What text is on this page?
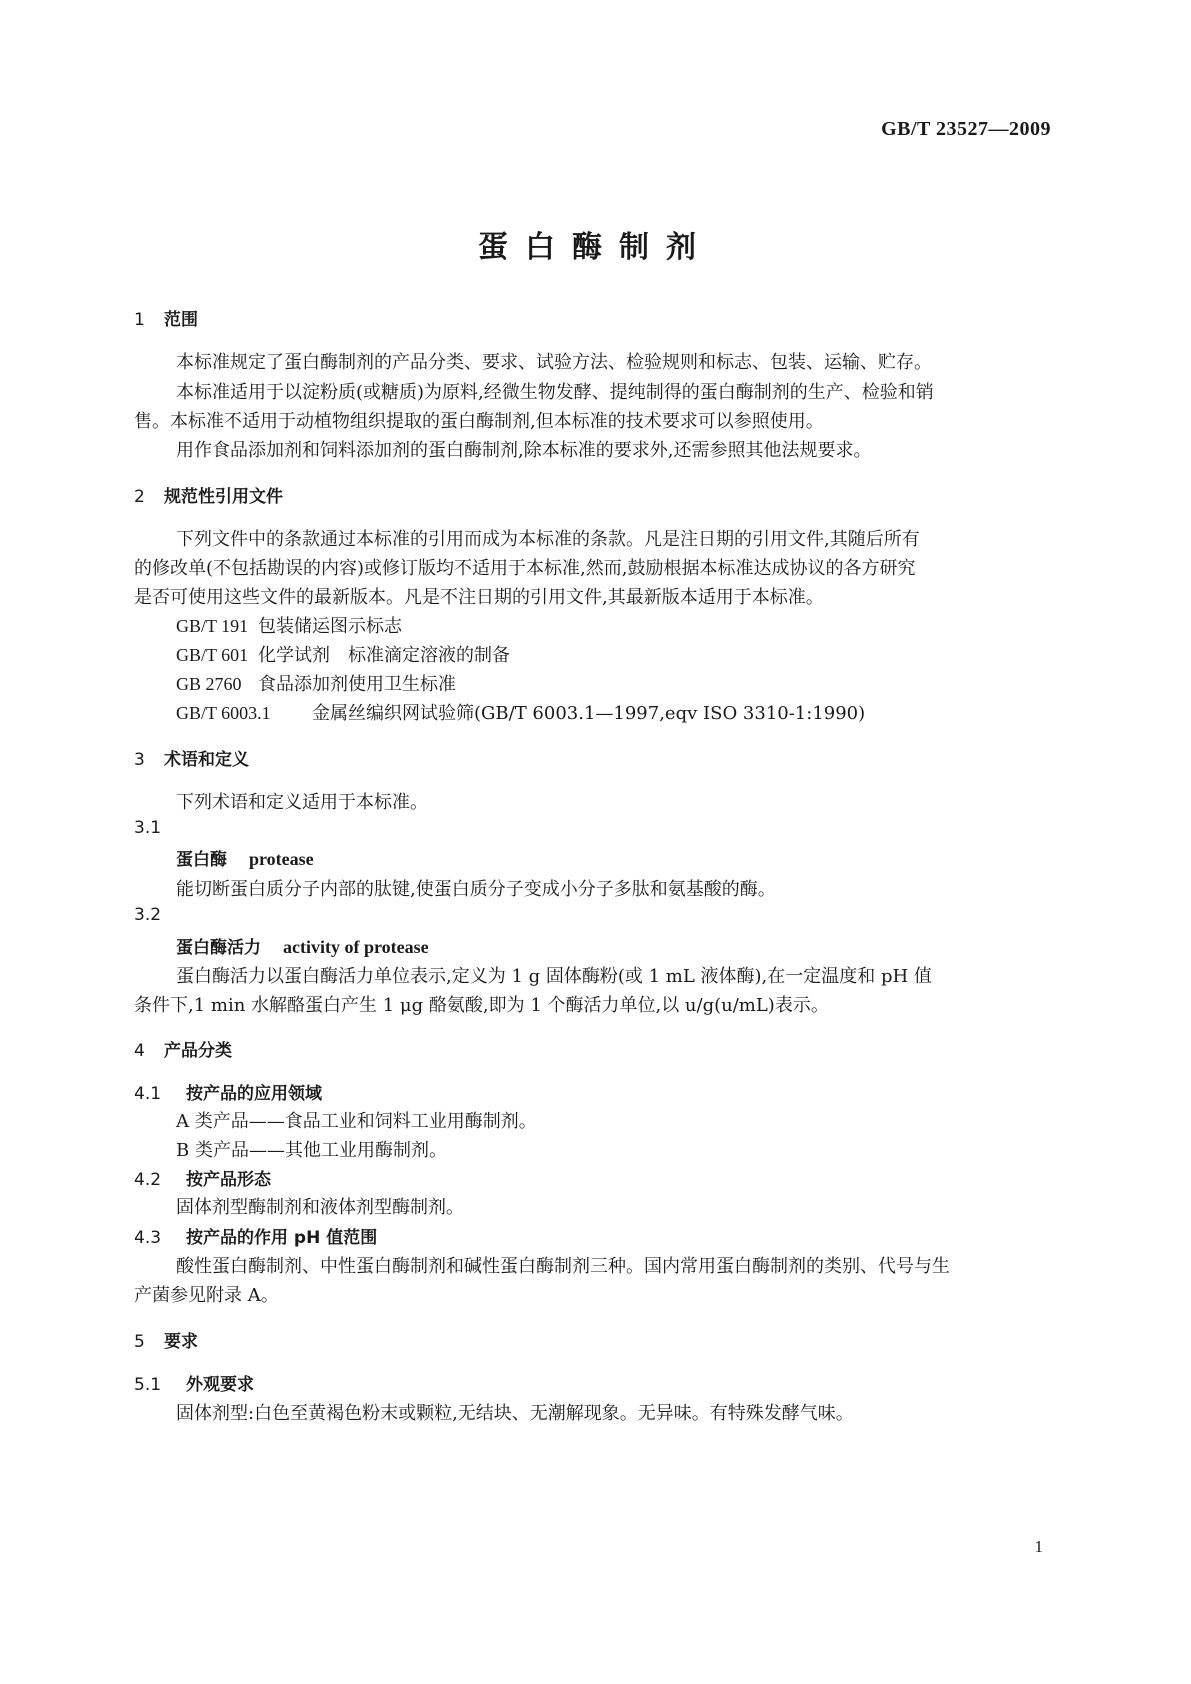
GB/T 23527—2009
蛋白酶制剂
1 范围
本标准规定了蛋白酶制剂的产品分类、要求、试验方法、检验规则和标志、包装、运输、贮存。
本标准适用于以淀粉质(或糖质)为原料,经微生物发酵、提纯制得的蛋白酶制剂的生产、检验和销
售。本标准不适用于动植物组织提取的蛋白酶制剂,但本标准的技术要求可以参照使用。
用作食品添加剂和饲料添加剂的蛋白酶制剂,除本标准的要求外,还需参照其他法规要求。
2 规范性引用文件
下列文件中的条款通过本标准的引用而成为本标准的条款。凡是注日期的引用文件,其随后所有
的修改单(不包括勘误的内容)或修订版均不适用于本标准,然而,鼓励根据本标准达成协议的各方研究
是否可使用这些文件的最新版本。凡是不注日期的引用文件,其最新版本适用于本标准。
GB/T 191 包装储运图示标志
GB/T 601 化学试剂　标准滴定溶液的制备
GB 2760 食品添加剂使用卫生标准
GB/T 6003.1 金属丝编织网试验筛(GB/T 6003.1—1997,eqv ISO 3310-1:1990)
3 术语和定义
下列术语和定义适用于本标准。
3.1
蛋白酶 protease
能切断蛋白质分子内部的肽键,使蛋白质分子变成小分子多肽和氨基酸的酶。
3.2
蛋白酶活力 activity of protease
蛋白酶活力以蛋白酶活力单位表示,定义为 1 g 固体酶粉(或 1 mL 液体酶),在一定温度和 pH 值
条件下,1 min 水解酪蛋白产生 1 μg 酪氨酸,即为 1 个酶活力单位,以 u/g(u/mL)表示。
4 产品分类
4.1 按产品的应用领域
A 类产品——食品工业和饲料工业用酶制剂。
B 类产品——其他工业用酶制剂。
4.2 按产品形态
固体剂型酶制剂和液体剂型酶制剂。
4.3 按产品的作用 pH 值范围
酸性蛋白酶制剂、中性蛋白酶制剂和碱性蛋白酶制剂三种。国内常用蛋白酶制剂的类别、代号与生
产菌参见附录 A。
5 要求
5.1 外观要求
固体剂型:白色至黄褐色粉末或颗粒,无结块、无潮解现象。无异味。有特殊发酵气味。
1
